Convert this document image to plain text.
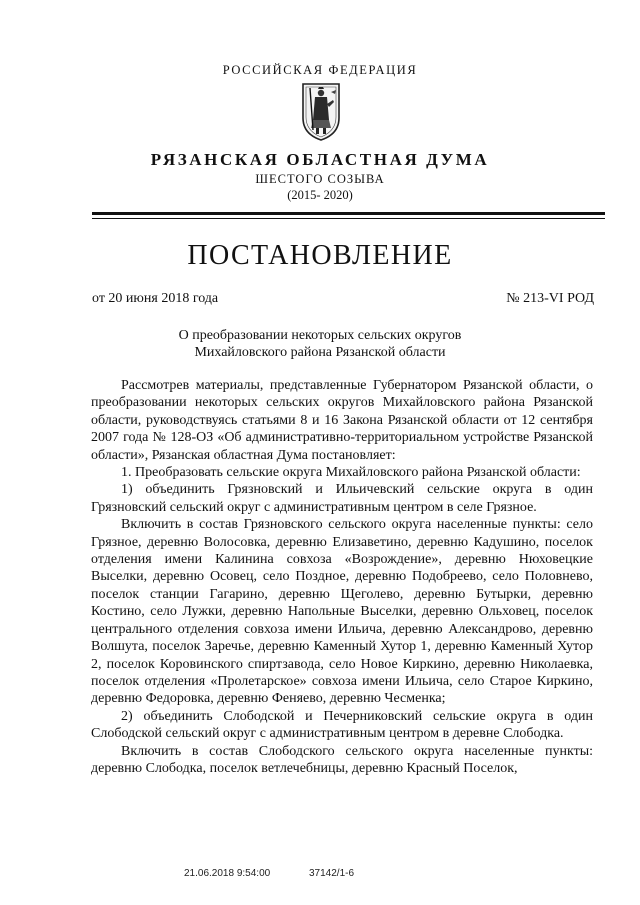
РОССИЙСКАЯ ФЕДЕРАЦИЯ
РЯЗАНСКАЯ ОБЛАСТНАЯ ДУМА
ШЕСТОГО СОЗЫВА
(2015- 2020)
ПОСТАНОВЛЕНИЕ
от 20 июня 2018 года	№ 213-VI РОД
О преобразовании некоторых сельских округов
Михайловского района Рязанской области

Рассмотрев материалы, представленные Губернатором Рязанской области, о преобразовании некоторых сельских округов Михайловского района Рязанской области, руководствуясь статьями 8 и 16 Закона Рязанской области от 12 сентября 2007 года № 128-ОЗ «Об административно-территориальном устройстве Рязанской области», Рязанская областная Дума постановляет:

1. Преобразовать сельские округа Михайловского района Рязанской области:

1) объединить Грязновский и Ильичевский сельские округа в один Грязновский сельский округ с административным центром в селе Грязное.

Включить в состав Грязновского сельского округа населенные пункты: село Грязное, деревню Волосовка, деревню Елизаветино, деревню Кадушино, поселок отделения имени Калинина совхоза «Возрождение», деревню Нюховецкие Выселки, деревню Осовец, село Поздное, деревню Подобреево, село Половнево, поселок станции Гагарино, деревню Щеголево, деревню Бутырки, деревню Костино, село Лужки, деревню Напольные Выселки, деревню Ольховец, поселок центрального отделения совхоза имени Ильича, деревню Александрово, деревню Волшута, поселок Заречье, деревню Каменный Хутор 1, деревню Каменный Хутор 2, поселок Коровинского спиртзавода, село Новое Киркино, деревню Николаевка, поселок отделения «Пролетарское» совхоза имени Ильича, село Старое Киркино, деревню Федоровка, деревню Феняево, деревню Чесменка;

2) объединить Слободской и Печерниковский сельские округа в один Слободской сельский округ с административным центром в деревне Слободка.

Включить в состав Слободского сельского округа населенные пункты: деревню Слободка, поселок ветлечебницы, деревню Красный Поселок,

21.06.2018 9:54:00	37142/1-6
